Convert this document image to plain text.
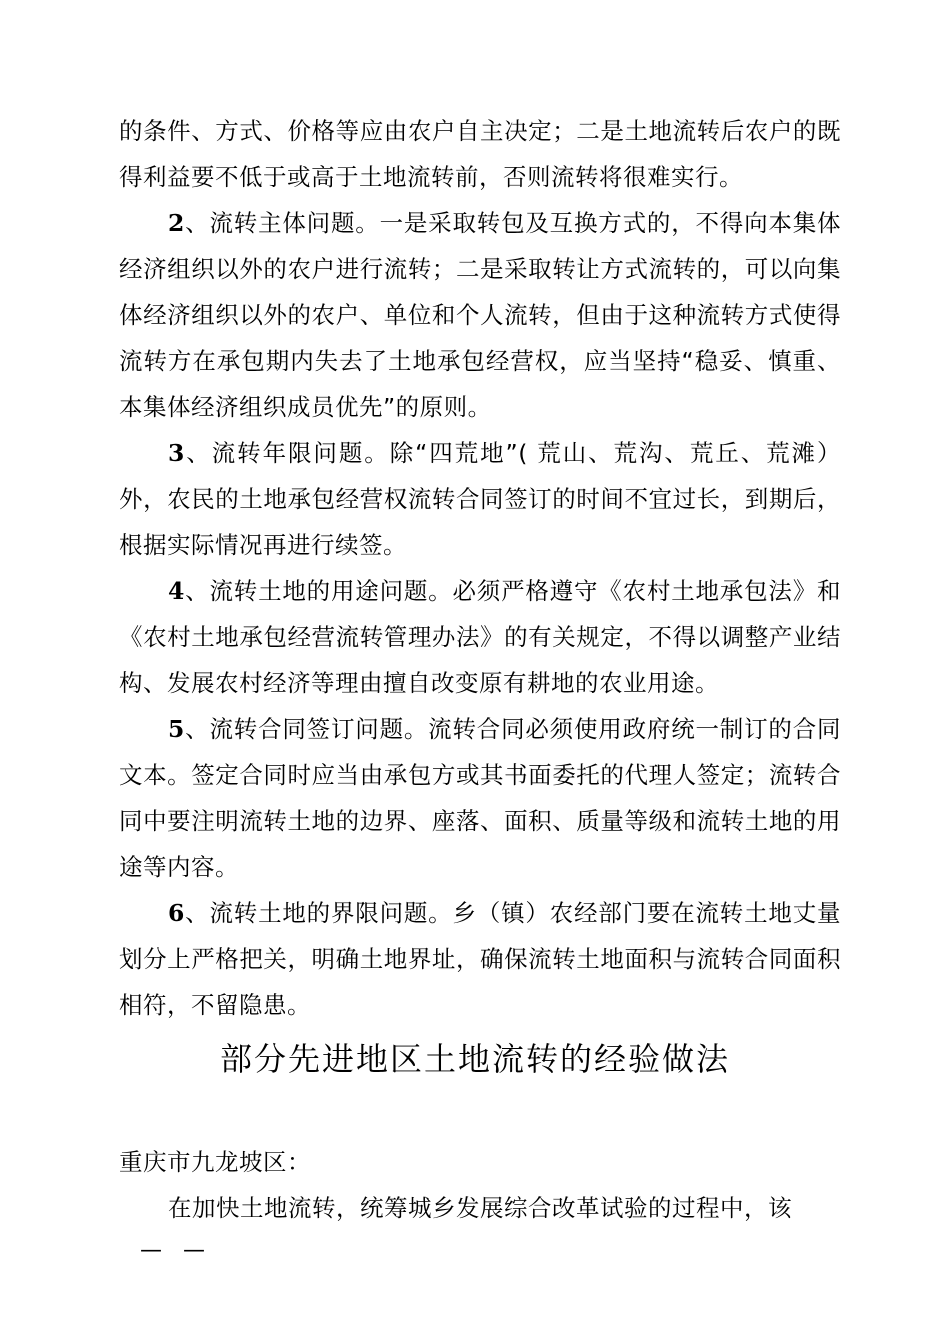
的条件、方式、价格等应由农户自主决定；二是土地流转后农户的既得利益要不低于或高于土地流转前，否则流转将很难实行。

2、流转主体问题。一是采取转包及互换方式的，不得向本集体经济组织以外的农户进行流转；二是采取转让方式流转的，可以向集体经济组织以外的农户、单位和个人流转，但由于这种流转方式使得流转方在承包期内失去了土地承包经营权，应当坚持“稳妥、慎重、本集体经济组织成员优先”的原则。

3、流转年限问题。除“四荒地”( 荒山、荒沟、荒丘、荒滩）外，农民的土地承包经营权流转合同签订的时间不宜过长，到期后，根据实际情况再进行续签。

4、流转土地的用途问题。必须严格遵守《农村土地承包法》和《农村土地承包经营流转管理办法》的有关规定，不得以调整产业结构、发展农村经济等理由擅自改变原有耕地的农业用途。

5、流转合同签订问题。流转合同必须使用政府统一制订的合同文本。签定合同时应当由承包方或其书面委托的代理人签定；流转合同中要注明流转土地的边界、座落、面积、质量等级和流转土地的用途等内容。

6、流转土地的界限问题。乡（镇）农经部门要在流转土地丈量划分上严格把关，明确土地界址，确保流转土地面积与流转合同面积相符，不留隐患。

部分先进地区土地流转的经验做法

重庆市九龙坡区：

在加快土地流转，统筹城乡发展综合改革试验的过程中，该

—   —
